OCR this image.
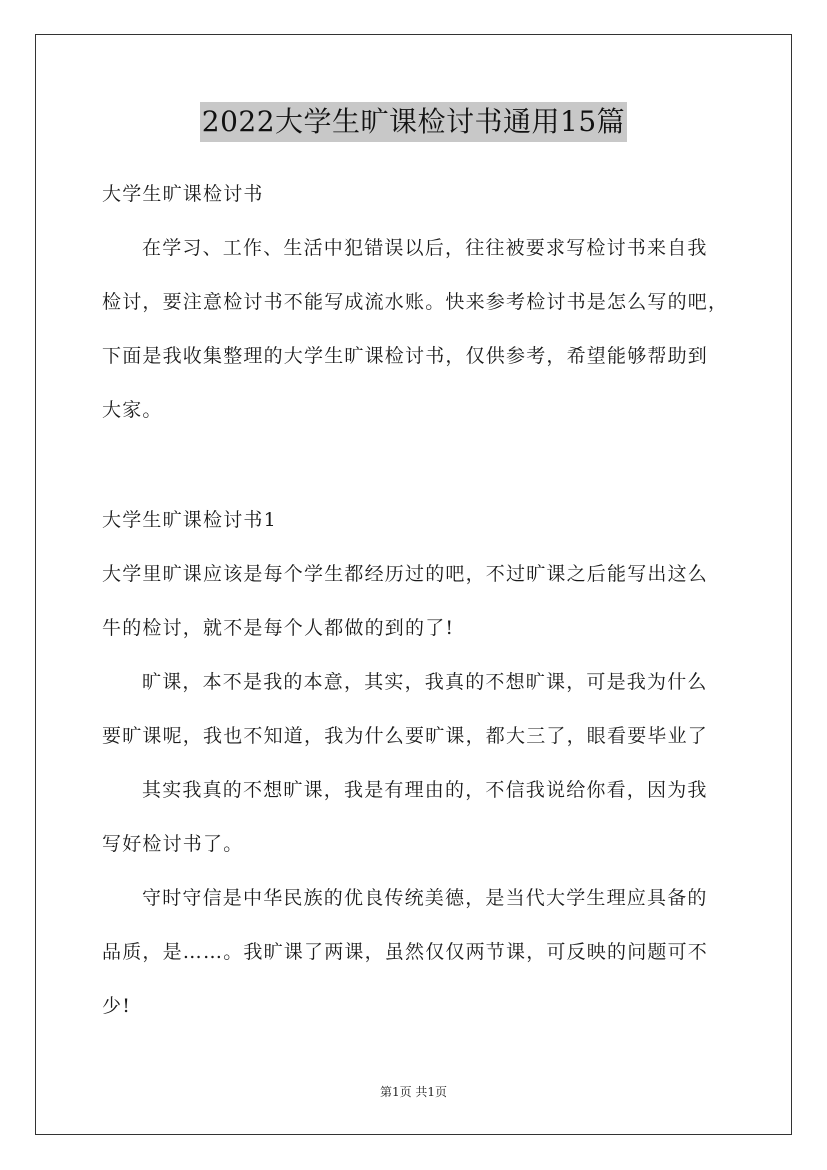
2022大学生旷课检讨书通用15篇
大学生旷课检讨书
在学习、工作、生活中犯错误以后，往往被要求写检讨书来自我
检讨，要注意检讨书不能写成流水账。快来参考检讨书是怎么写的吧，
下面是我收集整理的大学生旷课检讨书，仅供参考，希望能够帮助到
大家。
大学生旷课检讨书1
大学里旷课应该是每个学生都经历过的吧，不过旷课之后能写出这么
牛的检讨，就不是每个人都做的到的了!
旷课，本不是我的本意，其实，我真的不想旷课，可是我为什么
要旷课呢，我也不知道，我为什么要旷课，都大三了，眼看要毕业了
其实我真的不想旷课，我是有理由的，不信我说给你看，因为我
写好检讨书了。
守时守信是中华民族的优良传统美德，是当代大学生理应具备的
品质，是……。我旷课了两课，虽然仅仅两节课，可反映的问题可不
少!
第1页 共1页
